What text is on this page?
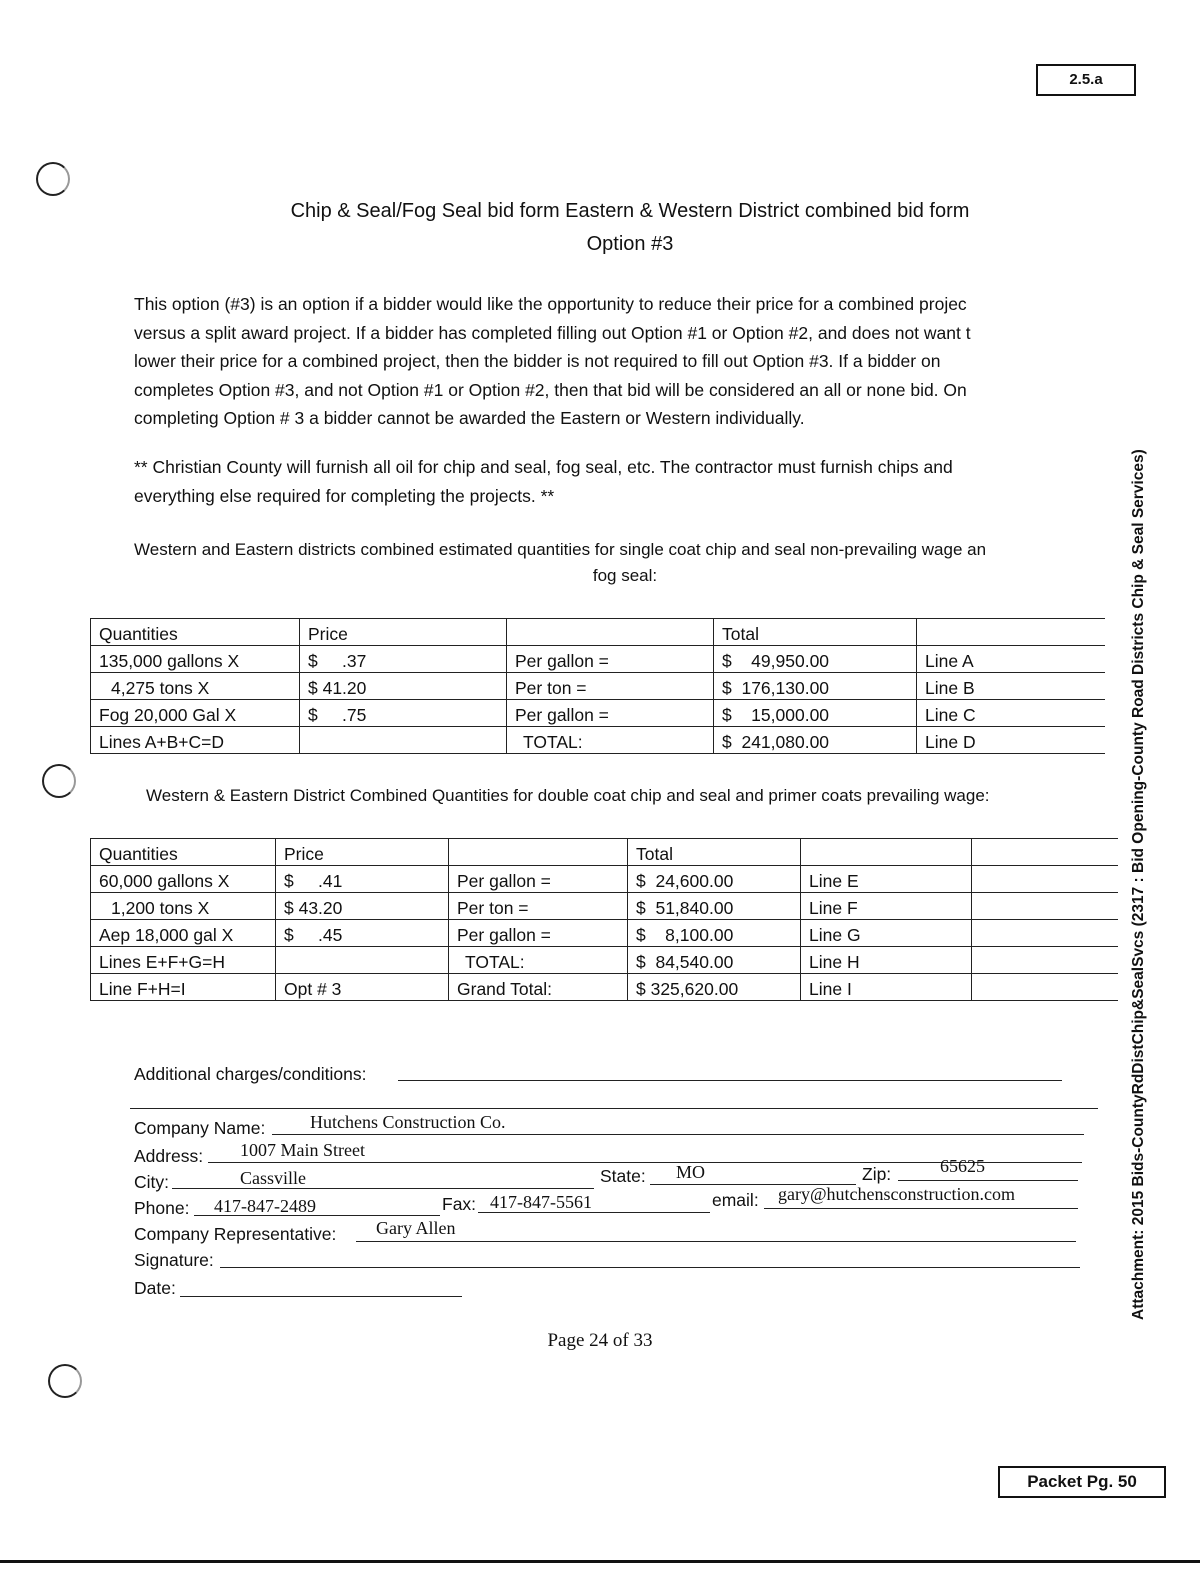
2.5.a
Chip & Seal/Fog Seal bid form Eastern & Western District combined bid form
Option #3
This option (#3) is an option if a bidder would like the opportunity to reduce their price for a combined projec
versus a split award project. If a bidder has completed filling out Option #1 or Option #2, and does not want t
lower their price for a combined project, then the bidder is not required to fill out Option #3. If a bidder on
completes Option #3, and not Option #1 or Option #2, then that bid will be considered an all or none bid. On
completing Option # 3 a bidder cannot be awarded the Eastern or Western individually.
** Christian County will furnish all oil for chip and seal, fog seal, etc. The contractor must furnish chips and
everything else required for completing the projects. **
Western and Eastern districts combined estimated quantities for single coat chip and seal non-prevailing wage an
fog seal:
Quantities	Price		Total	
135,000 gallons X	$     .37	Per gallon =	$    49,950.00	Line A
4,275 tons X	$ 41.20	Per ton =	$  176,130.00	Line B
Fog 20,000 Gal X	$     .75	Per gallon =	$    15,000.00	Line C
Lines A+B+C=D		TOTAL:	$  241,080.00	Line D
Western & Eastern District Combined Quantities for double coat chip and seal and primer coats prevailing wage:
Quantities	Price		Total		
60,000 gallons X	$     .41	Per gallon =	$  24,600.00	Line E	
1,200 tons X	$ 43.20	Per ton =	$  51,840.00	Line F	
Aep 18,000 gal X	$     .45	Per gallon =	$    8,100.00	Line G	
Lines E+F+G=H		TOTAL:	$  84,540.00	Line H	
Line F+H=I	Opt # 3	Grand Total:	$ 325,620.00	Line I	
Additional charges/conditions:
Company Name: Hutchens Construction Co.
Address: 1007 Main Street
City:	Cassville	State: MO	Zip:	65625
Phone: 417-847-2489	Fax: 417-847-5561	email: gary@hutchensconstruction.com
Company Representative: Gary Allen
Signature:
Date:
Page 24 of 33
Packet Pg. 50
Attachment: 2015 Bids-CountyRdDistChip&SealSvcs (2317 : Bid Opening-County Road Districts Chip & Seal Services)
